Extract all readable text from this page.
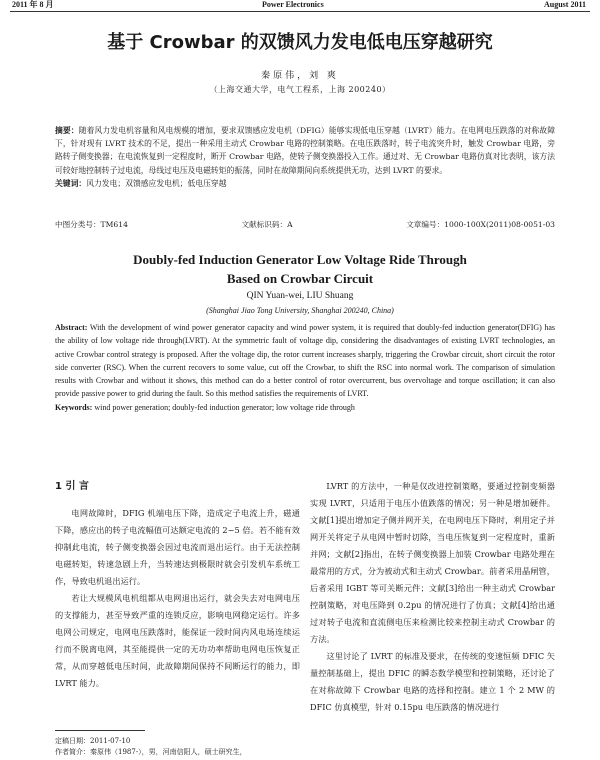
2011 年 8 月	Power Electronics	August 2011
基于 Crowbar 的双馈风力发电低电压穿越研究
秦原伟，刘 爽
（上海交通大学，电气工程系，上海 200240）

摘要：随着风力发电机容量和风电规模的增加，要求双馈感应发电机（DFIG）能够实现低电压穿越（LVRT）能力。在电网电压跌落的对称故障下，针对现有 LVRT 技术的不足，提出一种采用主动式 Crowbar 电路的控制策略。在电压跌落时，转子电流突升时，触发 Crowbar 电路，旁路转子侧变换器；在电流恢复到一定程度时，断开 Crowbar 电路，使转子侧变换器投入工作。通过对、无 Crowbar 电路仿真对比表明，该方法可较好地控制转子过电流，母线过电压及电磁转矩的振荡，同时在故障期间向系统提供无功，达到 LVRT 的要求。

关键词：风力发电；双馈感应发电机；低电压穿越

中图分类号：TM614	文献标识码：A	文章编号：1000-100X(2011)08-0051-03
Doubly-fed Induction Generator Low Voltage Ride Through
Based on Crowbar Circuit
QIN Yuan-wei, LIU Shuang
(Shanghai Jiao Tong University, Shanghai 200240, China)

Abstract: With the development of wind power generator capacity and wind power system, it is required that doubly-fed induction generator(DFIG) has the ability of low voltage ride through(LVRT). At the symmetric fault of voltage dip, considering the disadvantages of existing LVRT technologies, an active Crowbar control strategy is proposed. After the voltage dip, the rotor current increases sharply, triggering the Crowbar circuit, short circuit the rotor side converter (RSC). When the current recovers to some value, cut off the Crowbar, to shift the RSC into normal work. The comparison of simulation results with Crowbar and without it shows, this method can do a better control of rotor overcurrent, bus overvoltage and torque oscillation; it can also provide passive power to grid during the fault. So this method satisfies the requirements of LVRT.

Keywords: wind power generation; doubly-fed induction generator; low voltage ride through

1 引 言

电网故障时，DFIG 机端电压下降，造成定子电流上升，磁通下降，感应出的转子电流幅值可达额定电流的 2~5 倍。若不能有效抑制此电流，转子侧变换器会因过电流而退出运行。由于无法控制电磁转矩，转速急剧上升，当转速达到极限时就会引发机车系统工作，导致电机退出运行。

若让大规模风电机组都从电网退出运行，就会失去对电网电压的支撑能力，甚至导致严重的连锁反应，影响电网稳定运行。许多电网公司规定，电网电压跌落时，能保证一段时间内风电场连续运行而不脱离电网，其至能提供一定的无功功率帮助电网电压恢复正常，从而穿越低电压时间，此故障期间保持不间断运行的能力，即 LVRT 能力。

LVRT 的方法中，一种是仅改进控制策略，要通过控制变频器实现 LVRT，只适用于电压小值跌落的情况；另一种是增加硬件。文献[1]提出增加定子侧并网开关，在电网电压下降时，利用定子并网开关将定子从电网中暂时切除，当电压恢复到一定程度时，重新并网；文献[2]指出，在转子侧变换器上加装 Crowbar 电路处理在最常用的方式，分为被动式和主动式 Crowbar。前者采用晶闸管，后者采用 IGBT 等可关断元件；文献[3]给出一种主动式 Crowbar 控制策略，对电压降到 0.2pu 的情况进行了仿真；文献[4]给出通过对转子电流和直流侧电压来检测比较来控制主动式 Crowbar 的方法。

这里讨论了 LVRT 的标准及要求，在传统的变速恒频 DFIC 矢量控制基础上，提出 DFIC 的瞬态数学模型和控制策略，还讨论了在对称故障下 Crowbar 电路的选择和控制。建立 1 个 2 MW 的 DFIC 仿真模型，针对 0.15pu 电压跌落的情况进行

定稿日期：2011-07-10

作者简介：秦原伟（1987-），男，河南信阳人，硕士研究生，
